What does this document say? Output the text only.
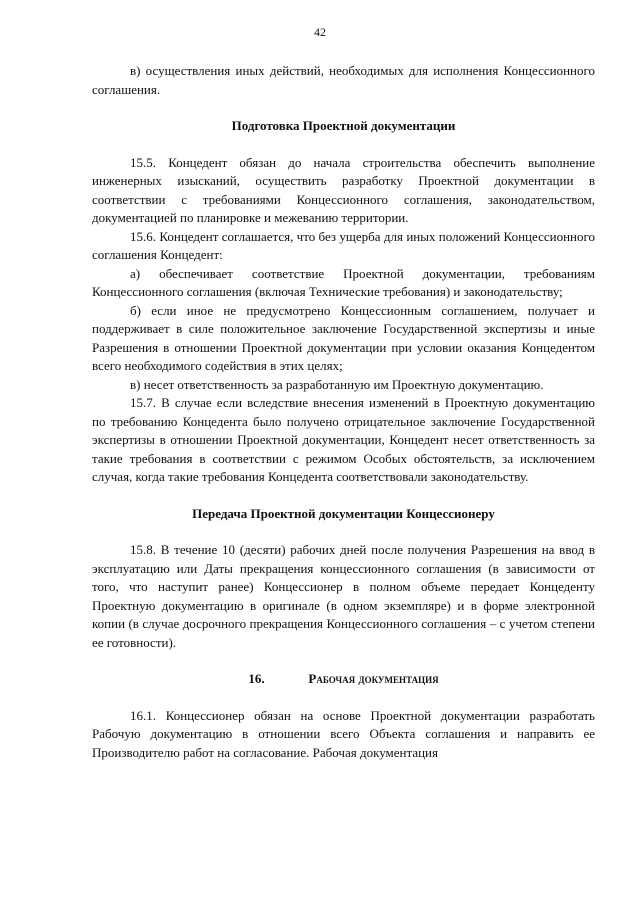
42

в) осуществления иных действий, необходимых для исполнения Концессионного соглашения.

Подготовка Проектной документации

15.5. Концедент обязан до начала строительства обеспечить выполнение инженерных изысканий, осуществить разработку Проектной документации в соответствии с требованиями Концессионного соглашения, законодательством, документацией по планировке и межеванию территории.

15.6. Концедент соглашается, что без ущерба для иных положений Концессионного соглашения Концедент:

а) обеспечивает соответствие Проектной документации, требованиям Концессионного соглашения (включая Технические требования) и законодательству;

б) если иное не предусмотрено Концессионным соглашением, получает и поддерживает в силе положительное заключение Государственной экспертизы и иные Разрешения в отношении Проектной документации при условии оказания Концедентом всего необходимого содействия в этих целях;

в) несет ответственность за разработанную им Проектную документацию.

15.7. В случае если вследствие внесения изменений в Проектную документацию по требованию Концедента было получено отрицательное заключение Государственной экспертизы в отношении Проектной документации, Концедент несет ответственность за такие требования в соответствии с режимом Особых обстоятельств, за исключением случая, когда такие требования Концедента соответствовали законодательству.

Передача Проектной документации Концессионеру

15.8. В течение 10 (десяти) рабочих дней после получения Разрешения на ввод в эксплуатацию или Даты прекращения концессионного соглашения (в зависимости от того, что наступит ранее) Концессионер в полном объеме передает Концеденту Проектную документацию в оригинале (в одном экземпляре) и в форме электронной копии (в случае досрочного прекращения Концессионного соглашения – с учетом степени ее готовности).

16.	Рабочая документация

16.1. Концессионер обязан на основе Проектной документации разработать Рабочую документацию в отношении всего Объекта соглашения и направить ее Производителю работ на согласование. Рабочая документация
